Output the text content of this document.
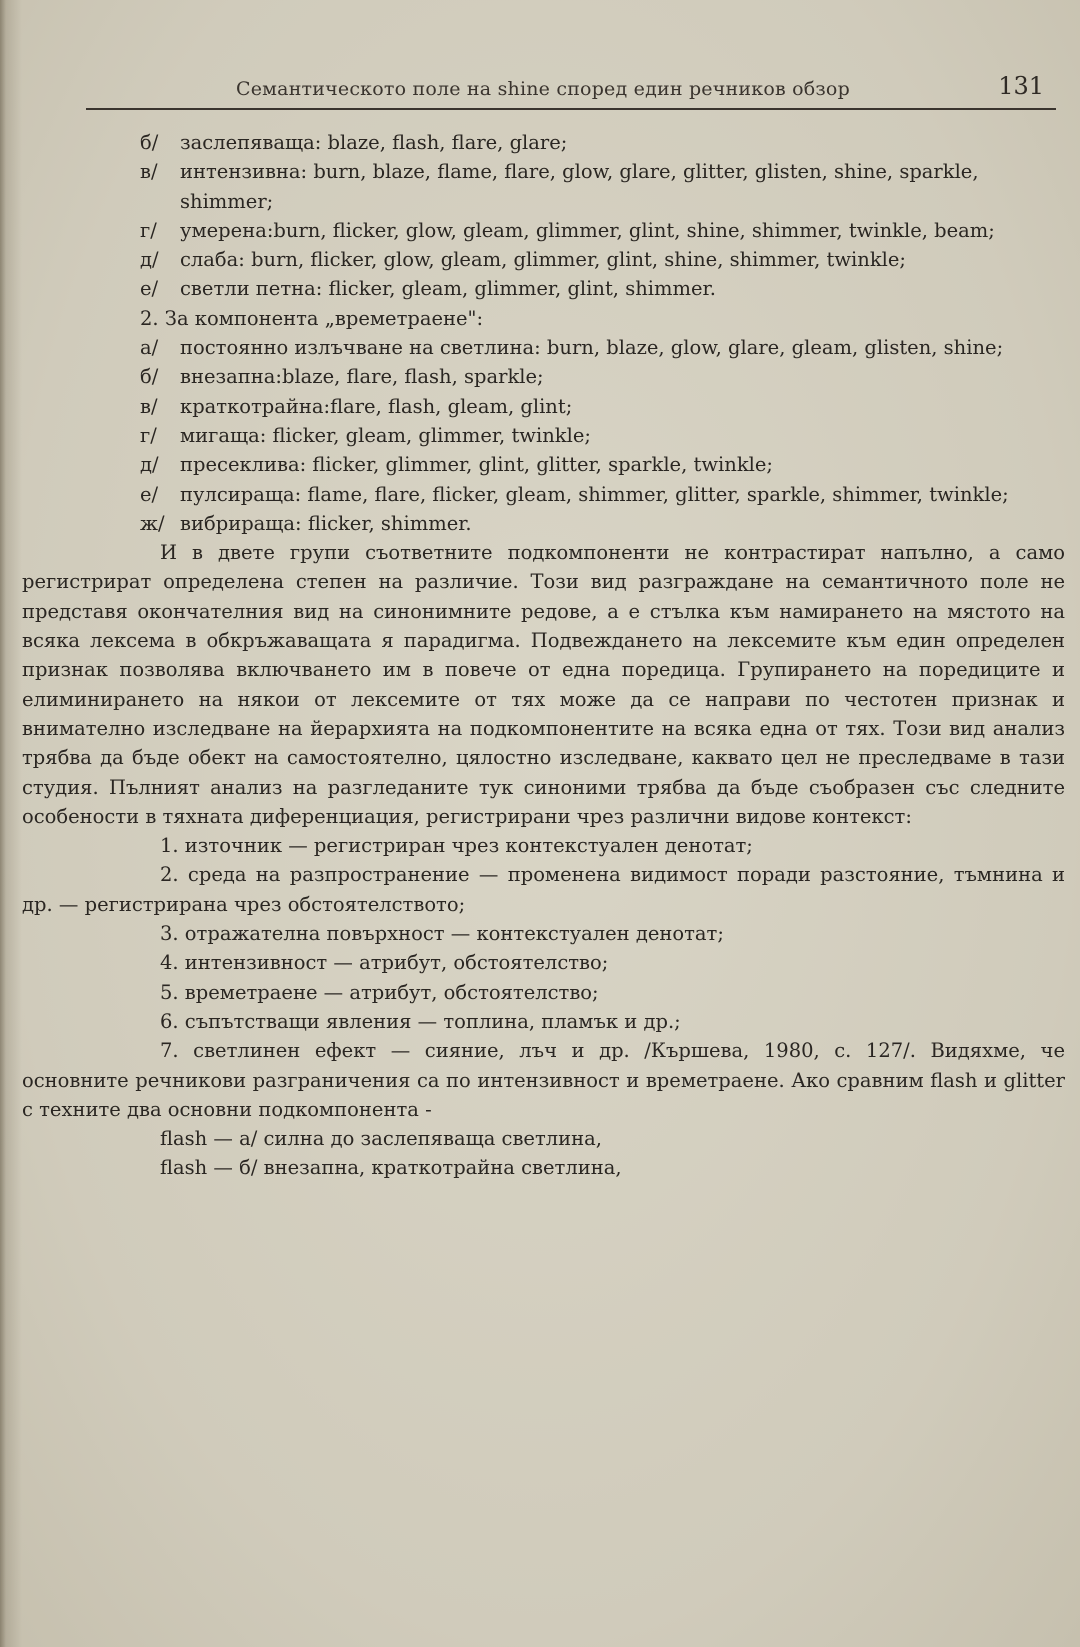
Семантическото поле на shine според един речников обзор	131
б/	заслепяваща: blaze, flash, flare, glare;
в/	интензивна: burn, blaze, flame, flare, glow, glare, glitter, glisten, shine, sparkle, shimmer;
г/	умерена:burn, flicker, glow, gleam, glimmer, glint, shine, shimmer, twinkle, beam;
д/	слаба: burn, flicker, glow, gleam, glimmer, glint, shine, shimmer, twinkle;
е/	светли петна: flicker, gleam, glimmer, glint, shimmer.
2. За компонента „времетраене":
а/	постоянно излъчване на светлина: burn, blaze, glow, glare, gleam, glisten, shine;
б/	внезапна:blaze, flare, flash, sparkle;
в/	краткотрайна:flare, flash, gleam, glint;
г/	мигаща: flicker, gleam, glimmer, twinkle;
д/	пресеклива: flicker, glimmer, glint, glitter, sparkle, twinkle;
е/	пулсираща: flame, flare, flicker, gleam, shimmer, glitter, sparkle, shimmer, twinkle;
ж/ вибрираща: flicker, shimmer.
И в двете групи съответните подкомпоненти не контрастират напълно, а само регистрират определена степен на различие. Този вид разграждане на семантичното поле не представя окончателния вид на синонимните редове, а е стълка към намирането на мястото на всяка лексема в обкръжаващата я парадигма. Подвеждането на лексемите към един определен признак позволява включването им в повече от една поредица. Групирането на поредиците и елиминирането на някои от лексемите от тях може да се направи по честотен признак и внимателно изследване на йерархията на подкомпонентите на всяка една от тях. Този вид анализ трябва да бъде обект на самостоятелно, цялостно изследване, каквато цел не преследваме в тази студия. Пълният анализ на разгледаните тук синоними трябва да бъде съобразен със следните особености в тяхната диференциация, регистрирани чрез различни видове контекст:
1. източник — регистриран чрез контекстуален денотат;
2. среда на разпространение — променена видимост поради разстояние, тъмнина и др. — регистрирана чрез обстоятелството;
3. отражателна повърхност — контекстуален денотат;
4. интензивност — атрибут, обстоятелство;
5. времетраене — атрибут, обстоятелство;
6. съпътстващи явления — топлина, пламък и др.;
7. светлинен ефект — сияние, лъч и др. /Кършева, 1980, с. 127/. Видяхме, че основните речникови разграничения са по интензивност и времетраене. Ако сравним flash и glitter с техните два основни подкомпонента -
flash — а/ силна до заслепяваща светлина,
flash — б/ внезапна, краткотрайна светлина,
